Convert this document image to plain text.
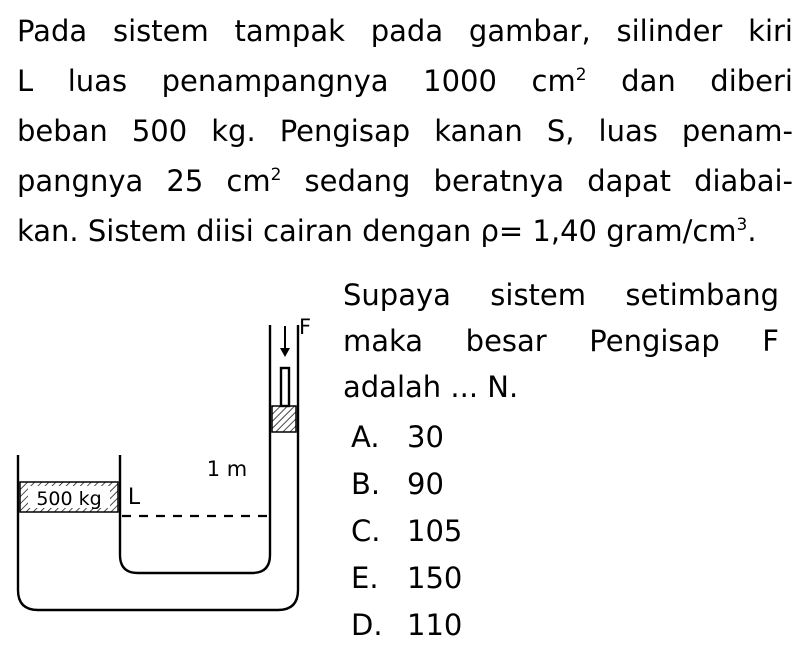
Pada sistem tampak pada gambar, silinder kiri
L luas penampangnya 1000 $cm^2$ dan diberi
beban 500 kg. Pengisap kanan S, luas penam-
pangnya 25 $cm^2$ sedang beratnya dapat diabai-
kan. Sistem diisi cairan dengan ρ= 1,40 gram/$cm^3$.
500 kg L
1 m
F
Supaya sistem setimbang
maka besar Pengisap F
adalah ... N.
A. 30
B. 90
C. 105
E. 150
D. 110
